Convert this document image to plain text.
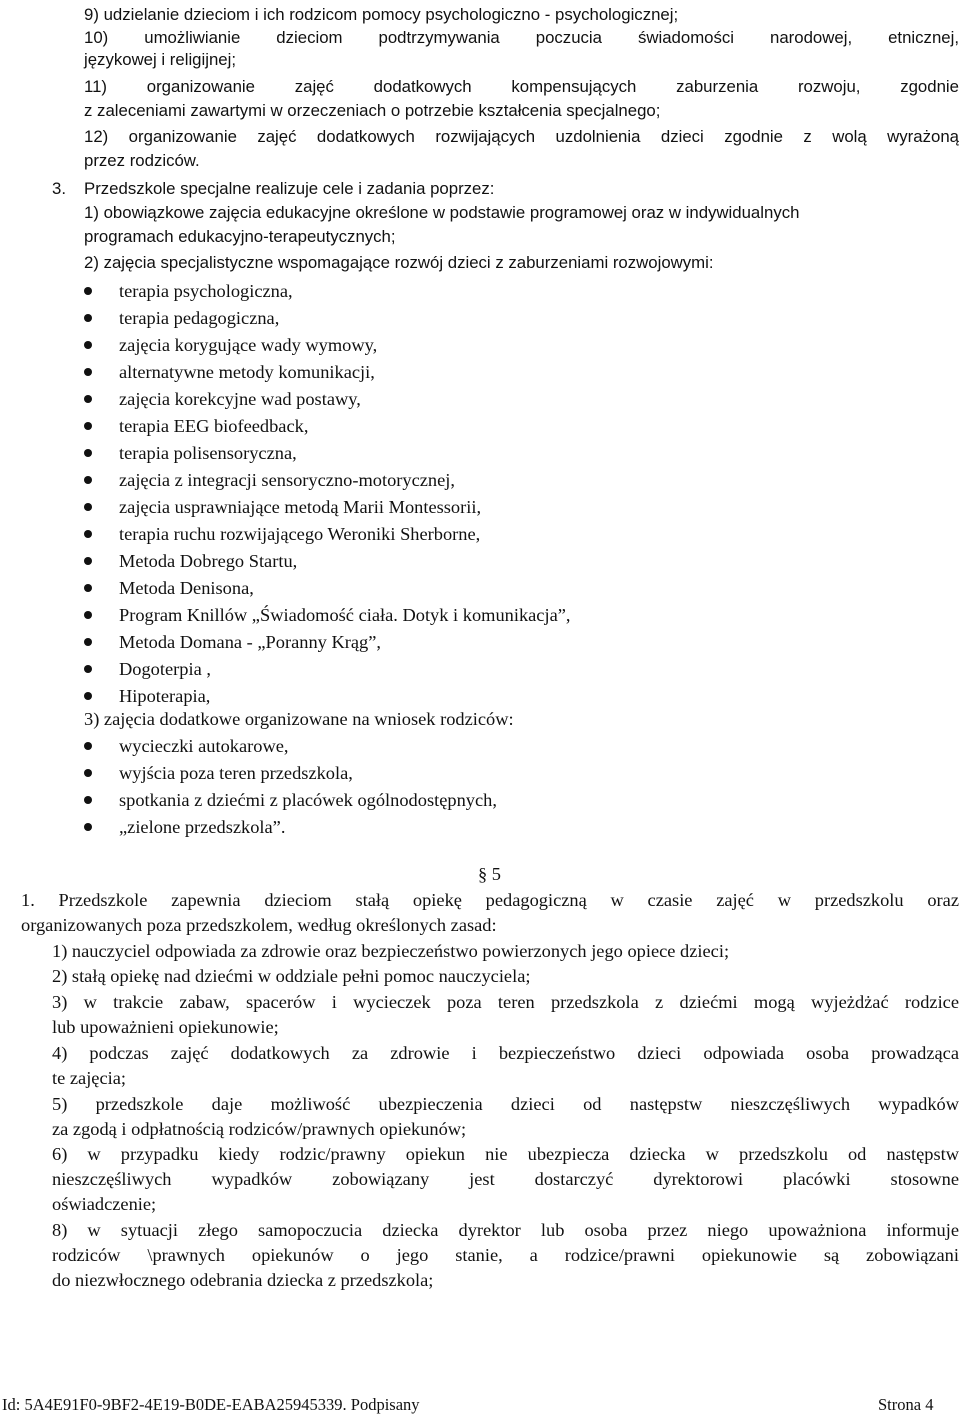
9) udzielanie dzieciom i ich rodzicom pomocy psychologiczno - psychologicznej;
10) umożliwianie dzieciom podtrzymywania poczucia świadomości narodowej, etnicznej,
językowej i religijnej;
11) organizowanie zajęć dodatkowych kompensujących zaburzenia rozwoju, zgodnie
z zaleceniami zawartymi w orzeczeniach o potrzebie kształcenia specjalnego;
12) organizowanie zajęć dodatkowych rozwijających uzdolnienia dzieci zgodnie z wolą wyrażoną
przez rodziców.
3. Przedszkole specjalne realizuje cele i zadania poprzez:
1) obowiązkowe zajęcia edukacyjne określone w podstawie programowej oraz w indywidualnych
programach edukacyjno-terapeutycznych;
2) zajęcia specjalistyczne wspomagające rozwój dzieci z zaburzeniami rozwojowymi:
terapia psychologiczna,
terapia pedagogiczna,
zajęcia korygujące wady wymowy,
alternatywne metody komunikacji,
zajęcia korekcyjne wad postawy,
terapia EEG biofeedback,
terapia polisensoryczna,
zajęcia z integracji sensoryczno-motorycznej,
zajęcia usprawniające metodą Marii Montessorii,
terapia ruchu rozwijającego Weroniki Sherborne,
Metoda Dobrego Startu,
Metoda Denisona,
Program Knillów „Świadomość ciała. Dotyk i komunikacja”,
Metoda Domana - „Poranny Krąg”,
Dogoterpia ,
Hipoterapia,
3) zajęcia dodatkowe organizowane na wniosek rodziców:
wycieczki autokarowe,
wyjścia poza teren przedszkola,
spotkania z dziećmi z placówek ogólnodostępnych,
„zielone przedszkola”.
§ 5
1. Przedszkole zapewnia dzieciom stałą opiekę pedagogiczną w czasie zajęć w przedszkolu oraz
organizowanych poza przedszkolem, według określonych zasad:
1) nauczyciel odpowiada za zdrowie oraz bezpieczeństwo powierzonych jego opiece dzieci;
2) stałą opiekę nad dziećmi w oddziale pełni pomoc nauczyciela;
3) w trakcie zabaw, spacerów i wycieczek poza teren przedszkola z dziećmi mogą wyjeżdżać rodzice
lub upoważnieni opiekunowie;
4) podczas zajęć dodatkowych za zdrowie i bezpieczeństwo dzieci odpowiada osoba prowadząca
te zajęcia;
5) przedszkole daje możliwość ubezpieczenia dzieci od następstw nieszczęśliwych wypadków
za zgodą i odpłatnością rodziców/prawnych opiekunów;
6) w przypadku kiedy rodzic/prawny opiekun nie ubezpiecza dziecka w przedszkolu od następstw
nieszczęśliwych wypadków zobowiązany jest dostarczyć dyrektorowi placówki stosowne
oświadczenie;
8) w sytuacji złego samopoczucia dziecka dyrektor lub osoba przez niego upoważniona informuje
rodziców \prawnych opiekunów o jego stanie, a rodzice/prawni opiekunowie są zobowiązani
do niezwłocznego odebrania dziecka z przedszkola;
Id: 5A4E91F0-9BF2-4E19-B0DE-EABA25945339. Podpisany	Strona 4
